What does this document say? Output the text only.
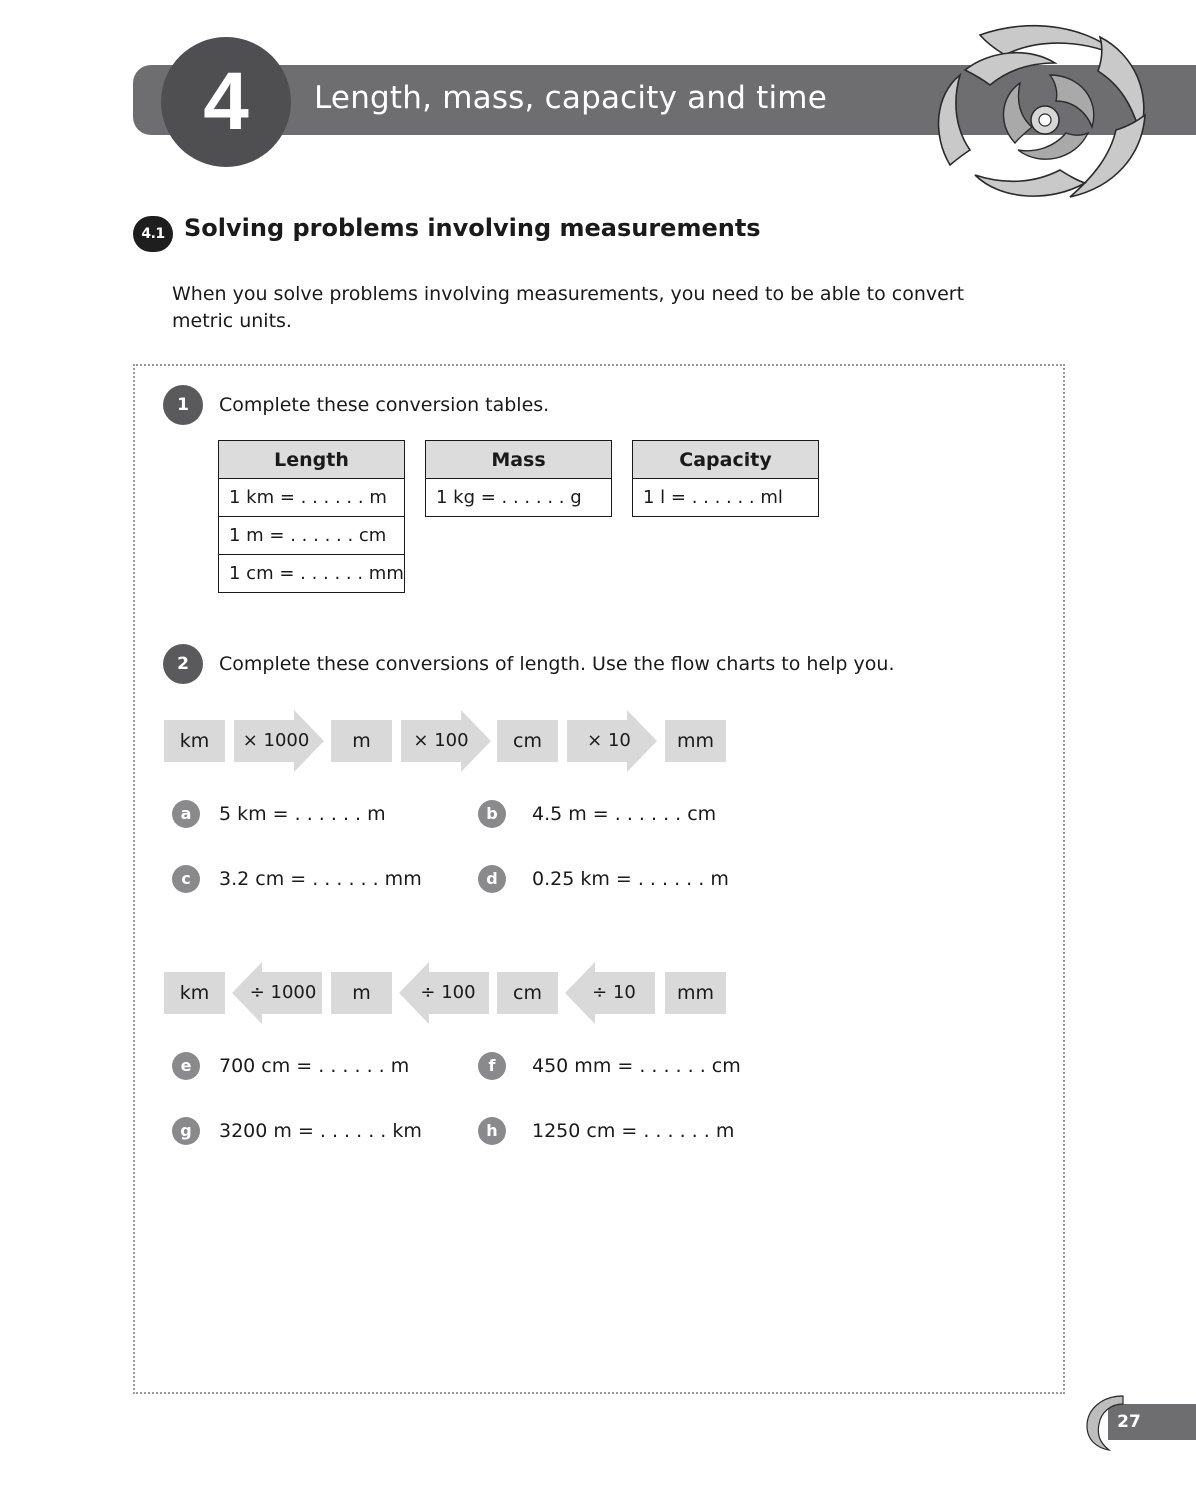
4	Length, mass, capacity and time
4.1 Solving problems involving measurements
When you solve problems involving measurements, you need to be able to convert metric units.
1	Complete these conversion tables.
Length
1 km = . . . . . . m
1 m = . . . . . . cm
1 cm = . . . . . . mm
Mass
1 kg = . . . . . . g
Capacity
1 l = . . . . . . ml
2	Complete these conversions of length. Use the flow charts to help you.
km	× 1000	m	× 100	cm	× 10	mm
a	5 km = . . . . . . m	b	4.5 m = . . . . . . cm
c	3.2 cm = . . . . . . mm	d	0.25 km = . . . . . . m
km	÷ 1000	m	÷ 100	cm	÷ 10	mm
e	700 cm = . . . . . . m	f	450 mm = . . . . . . cm
g	3200 m = . . . . . . km	h	1250 cm = . . . . . . m
27
